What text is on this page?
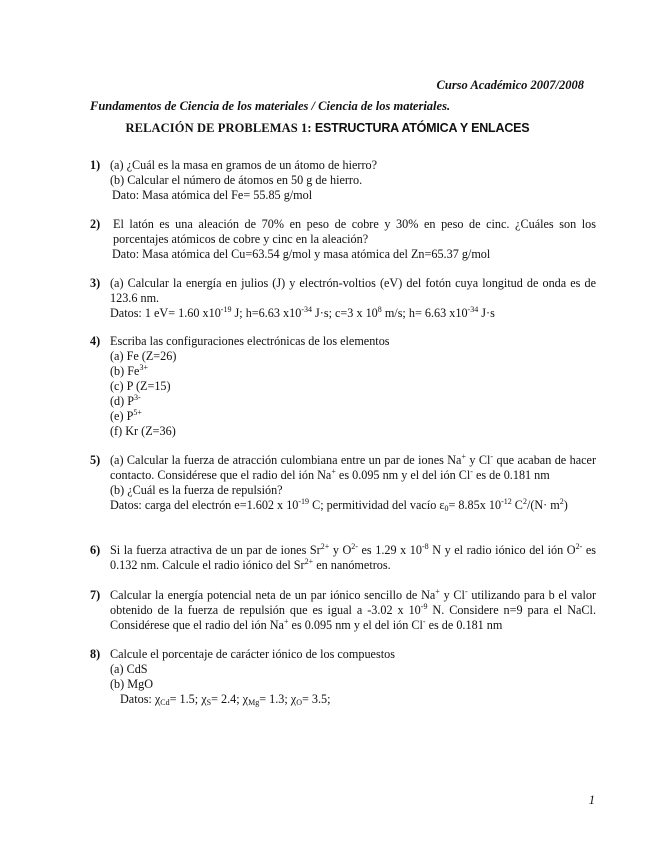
Curso Académico 2007/2008
Fundamentos de Ciencia de los materiales / Ciencia de los materiales.
RELACIÓN DE PROBLEMAS 1: ESTRUCTURA ATÓMICA Y ENLACES
1) (a) ¿Cuál es la masa en gramos de un átomo de hierro?
(b) Calcular el número de átomos en 50 g de hierro.
Dato: Masa atómica del Fe= 55.85 g/mol
2)	El latón es una aleación de 70% en peso de cobre y 30% en peso de cinc. ¿Cuáles son los porcentajes atómicos de cobre y cinc en la aleación?
Dato: Masa atómica del Cu=63.54 g/mol y masa atómica del Zn=65.37 g/mol
3) (a) Calcular la energía en julios (J) y electrón-voltios (eV) del fotón cuya longitud de onda es de 123.6 nm.
Datos: 1 eV= 1.60 $x10^{-19}$ J; h=6.63 $x10^{-34}$ J·s; c=3 x $10^8$ m/s; h= 6.63 $x10^{-34}$ J·s
4) Escriba las configuraciones electrónicas de los elementos
(a) Fe (Z=26)
(b) $Fe^{3+}$
(c) P (Z=15)
(d) $P^{3-}$
(e) $P^{5+}$
(f) Kr (Z=36)
5) (a) Calcular la fuerza de atracción culombiana entre un par de iones Na+ y Cl- que acaban de hacer contacto. Considérese que el radio del ión Na+ es 0.095 nm y el del ión Cl- es de 0.181 nm
(b) ¿Cuál es la fuerza de repulsión?
Datos: carga del electrón e=1.602 x $10^{-19}$ C; permitividad del vacío $\varepsilon_0= 8.85x$ $10^{-12}$ $C^2/(N\cdot m^2)$
6) Si la fuerza atractiva de un par de iones $Sr^{2+}$ y $O^{2-}$ es 1.29 x $10^{-8}$ N y el radio iónico del ión $O^{2-}$ es 0.132 nm. Calcule el radio iónico del $Sr^{2+}$ en nanómetros.
7) Calcular la energía potencial neta de un par iónico sencillo de Na+ y Cl- utilizando para b el valor obtenido de la fuerza de repulsión que es igual a -3.02 x $10^{-9}$ N. Considere n=9 para el NaCl. Considérese que el radio del ión Na+ es 0.095 nm y el del ión Cl- es de 0.181 nm
8) Calcule el porcentaje de carácter iónico de los compuestos
(a) CdS
(b) MgO
Datos: $\chi_{Cd}= 1.5$; $\chi_S= 2.4$; $\chi_{Mg}= 1.3$; $\chi_O= 3.5$;
1
